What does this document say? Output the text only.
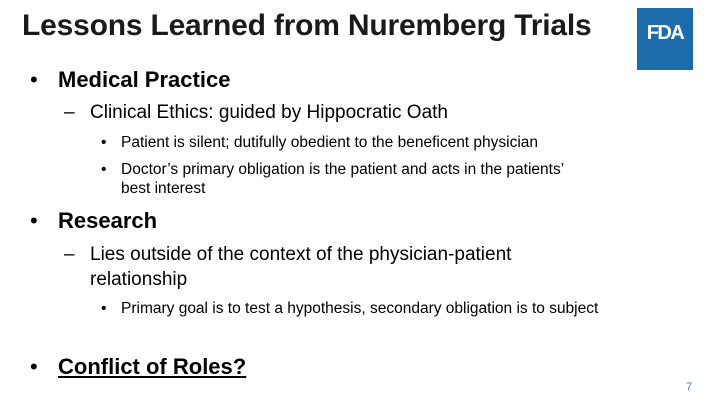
Lessons Learned from Nuremberg Trials	FDA
• Medical Practice
– Clinical Ethics: guided by Hippocratic Oath
• Patient is silent; dutifully obedient to the beneficent physician
• Doctor’s primary obligation is the patient and acts in the patients’
best interest
• Research
– Lies outside of the context of the physician-patient
relationship
• Primary goal is to test a hypothesis, secondary obligation is to subject
• Conflict of Roles?
7
